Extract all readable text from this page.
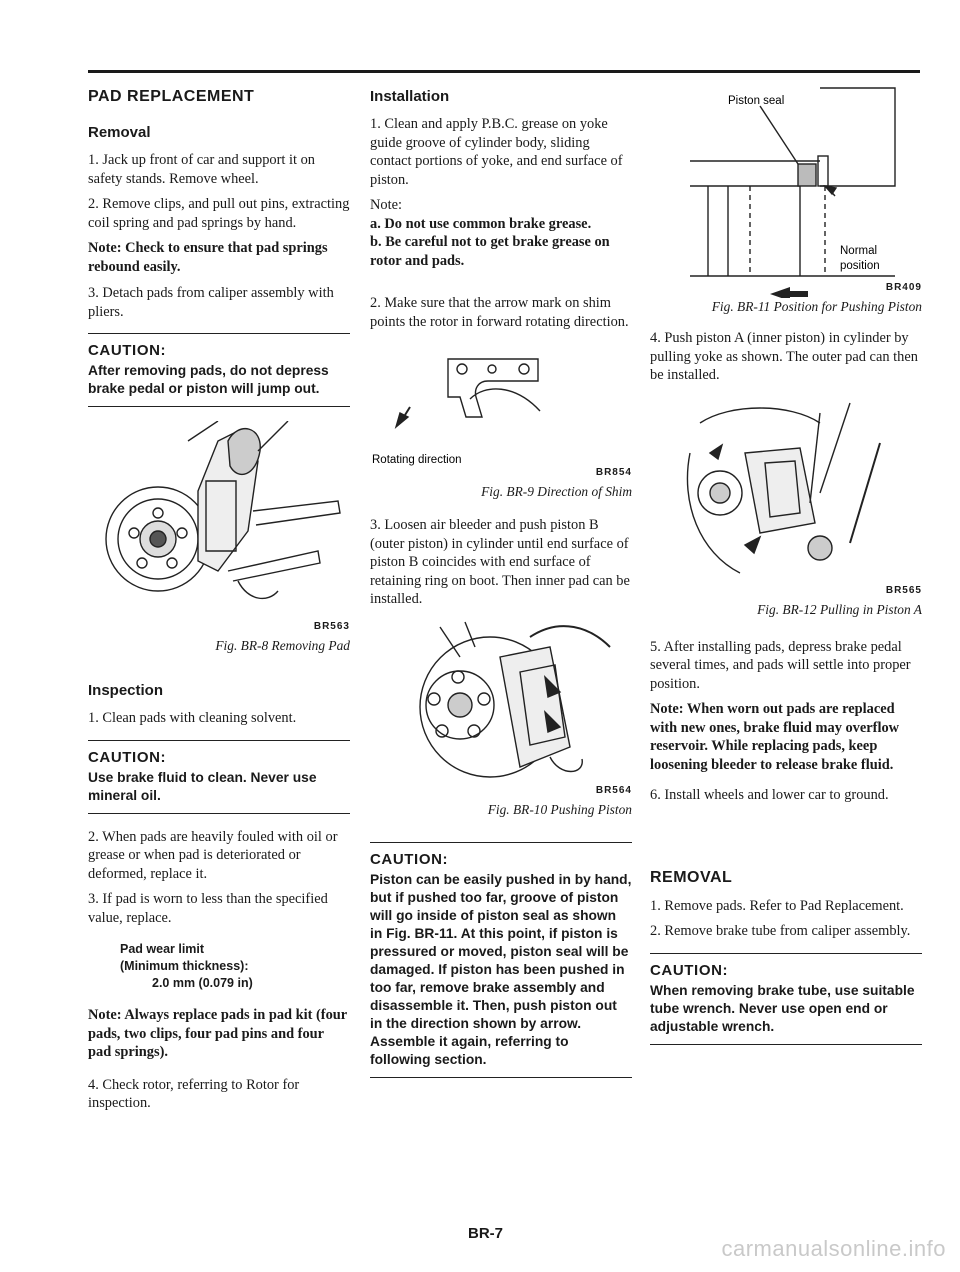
PAD REPLACEMENT
Removal

1. Jack up front of car and support it on safety stands. Remove wheel.

2. Remove clips, and pull out pins, extracting coil spring and pad springs by hand.

Note: Check to ensure that pad springs rebound easily.

3. Detach pads from caliper assembly with pliers.

CAUTION:
After removing pads, do not depress brake pedal or piston will jump out.
BR563
Fig. BR-8 Removing Pad
Inspection

1. Clean pads with cleaning solvent.

CAUTION:
Use brake fluid to clean. Never use mineral oil.

2. When pads are heavily fouled with oil or grease or when pad is deteriorated or deformed, replace it.

3. If pad is worn to less than the specified value, replace.

Pad wear limit
(Minimum thickness):
2.0 mm (0.079 in)
Note: Always replace pads in pad kit (four pads, two clips, four pad pins and four pad springs).

4. Check rotor, referring to Rotor for inspection.

Installation

1. Clean and apply P.B.C. grease on yoke guide groove of cylinder body, sliding contact portions of yoke, and end surface of piston.

Note:
a. Do not use common brake grease.
b. Be careful not to get brake grease on rotor and pads.

2. Make sure that the arrow mark on shim points the rotor in forward rotating direction.

Rotating direction
BR854
Fig. BR-9 Direction of Shim

3. Loosen air bleeder and push piston B (outer piston) in cylinder until end surface of piston B coincides with end surface of retaining ring on boot. Then inner pad can be installed.

BR564
Fig. BR-10 Pushing Piston
CAUTION:
Piston can be easily pushed in by hand, but if pushed too far, groove of piston will go inside of piston seal as shown in Fig. BR-11. At this point, if piston is pressured or moved, piston seal will be damaged. If piston has been pushed in too far, remove brake assembly and disassemble it. Then, push piston out in the direction shown by arrow.
Assemble it again, referring to following section.
Piston seal
Normal
position
BR409
Fig. BR-11 Position for Pushing Piston

4. Push piston A (inner piston) in cylinder by pulling yoke as shown. The outer pad can then be installed.

BR565
Fig. BR-12 Pulling in Piston A

5. After installing pads, depress brake pedal several times, and pads will settle into proper position.

Note: When worn out pads are replaced with new ones, brake fluid may overflow reservoir. While replacing pads, keep loosening bleeder to release brake fluid.

6. Install wheels and lower car to ground.

REMOVAL

1. Remove pads. Refer to Pad Replacement.

2. Remove brake tube from caliper assembly.

CAUTION:
When removing brake tube, use suitable tube wrench. Never use open end or adjustable wrench.
BR-7
carmanualsonline.info
